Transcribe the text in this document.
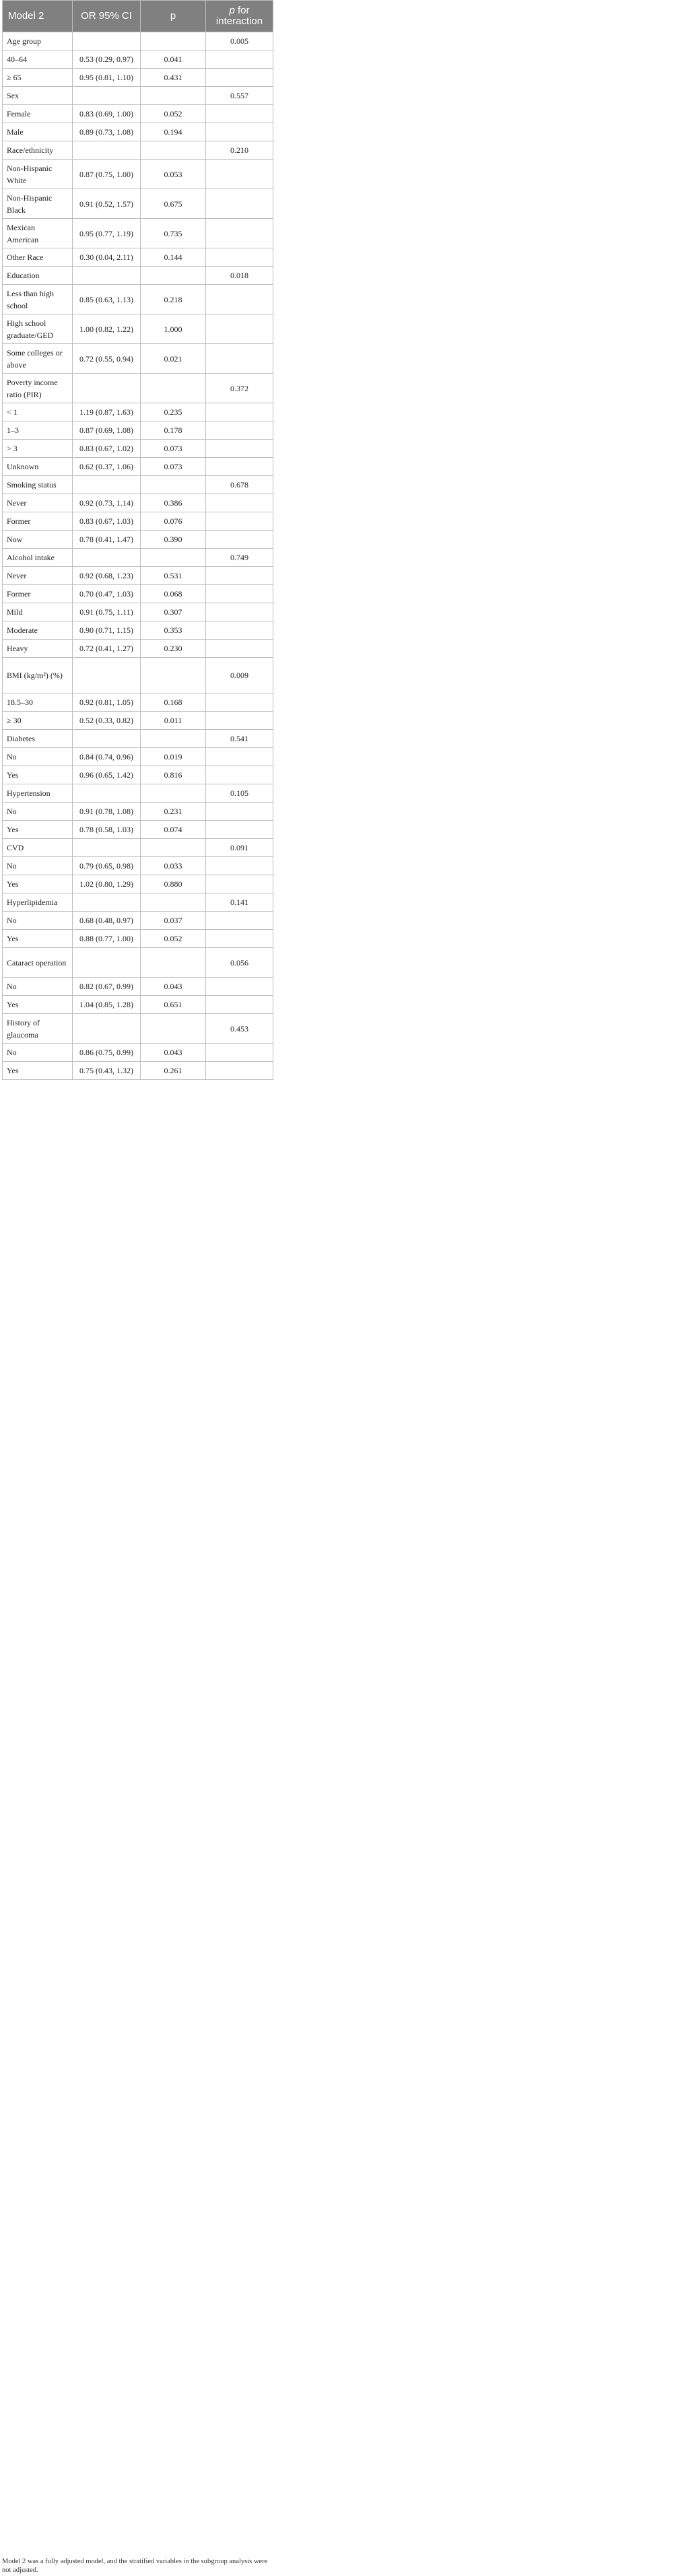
Model 2	OR 95% CI	p	p for interaction
Age group			0.005
40–64	0.53 (0.29, 0.97)	0.041	
≥ 65	0.95 (0.81, 1.10)	0.431	
Sex			0.557
Female	0.83 (0.69, 1.00)	0.052	
Male	0.89 (0.73, 1.08)	0.194	
Race/ethnicity			0.210
Non-Hispanic White	0.87 (0.75, 1.00)	0.053	
Non-Hispanic Black	0.91 (0.52, 1.57)	0.675	
Mexican American	0.95 (0.77, 1.19)	0.735	
Other Race	0.30 (0.04, 2.11)	0.144	
Education			0.018
Less than high school	0.85 (0.63, 1.13)	0.218	
High school graduate/GED	1.00 (0.82, 1.22)	1.000	
Some colleges or above	0.72 (0.55, 0.94)	0.021	
Poverty income ratio (PIR)			0.372
< 1	1.19 (0.87, 1.63)	0.235	
1–3	0.87 (0.69, 1.08)	0.178	
> 3	0.83 (0.67, 1.02)	0.073	
Unknown	0.62 (0.37, 1.06)	0.073	
Smoking status			0.678
Never	0.92 (0.73, 1.14)	0.386	
Former	0.83 (0.67, 1.03)	0.076	
Now	0.78 (0.41, 1.47)	0.390	
Alcohol intake			0.749
Never	0.92 (0.68, 1.23)	0.531	
Former	0.70 (0.47, 1.03)	0.068	
Mild	0.91 (0.75, 1.11)	0.307	
Moderate	0.90 (0.71, 1.15)	0.353	
Heavy	0.72 (0.41, 1.27)	0.230	
BMI (kg/m²) (%)			0.009
18.5–30	0.92 (0.81, 1.05)	0.168	
≥ 30	0.52 (0.33, 0.82)	0.011	
Diabetes			0.541
No	0.84 (0.74, 0.96)	0.019	
Yes	0.96 (0.65, 1.42)	0.816	
Hypertension			0.105
No	0.91 (0.78, 1.08)	0.231	
Yes	0.78 (0.58, 1.03)	0.074	
CVD			0.091
No	0.79 (0.65, 0.98)	0.033	
Yes	1.02 (0.80, 1.29)	0.880	
Hyperlipidemia			0.141
No	0.68 (0.48, 0.97)	0.037	
Yes	0.88 (0.77, 1.00)	0.052	
Cataract operation			0.056
No	0.82 (0.67, 0.99)	0.043	
Yes	1.04 (0.85, 1.28)	0.651	
History of glaucoma			0.453
No	0.86 (0.75, 0.99)	0.043	
Yes	0.75 (0.43, 1.32)	0.261	
Model 2 was a fully adjusted model, and the stratified variables in the subgroup analysis were not adjusted.
